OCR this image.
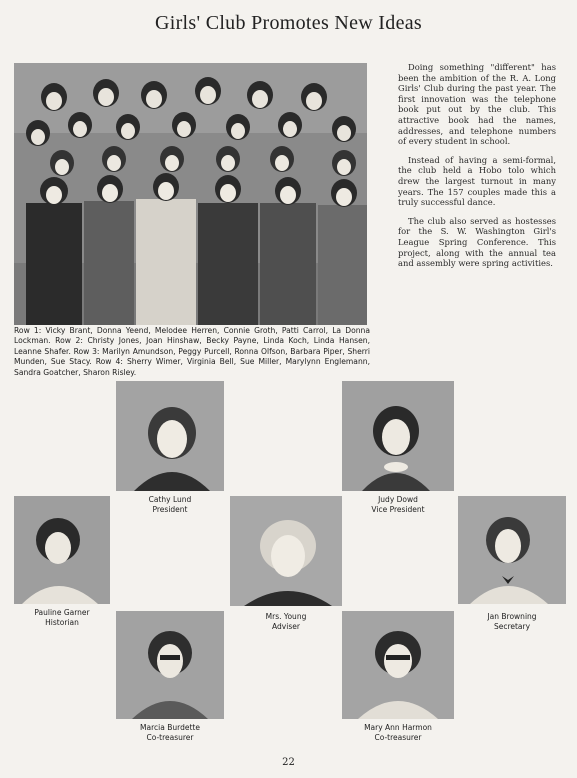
Girls' Club Promotes New Ideas
Row 1: Vicky Brant, Donna Yeend, Melodee Herren, Connie Groth, Patti Carrol, La Donna Lockman. Row 2: Christy Jones, Joan Hinshaw, Becky Payne, Linda Koch, Linda Hansen, Leanne Shafer. Row 3: Marilyn Amundson, Peggy Purcell, Ronna Olfson, Barbara Piper, Sherri Munden, Sue Stacy. Row 4: Sherry Wimer, Virginia Bell, Sue Miller, Marylynn Englemann, Sandra Goatcher, Sharon Risley.

Doing something "different" has been the ambition of the R. A. Long Girls' Club during the past year. The first innovation was the telephone book put out by the club. This attractive book had the names, addresses, and telephone numbers of every student in school.

Instead of having a semi-formal, the club held a Hobo tolo which drew the largest turnout in many years. The 157 couples made this a truly successful dance.

The club also served as hostesses for the S. W. Washington Girl's League Spring Conference. This project, along with the annual tea and assembly were spring activities.

Cathy Lund
President
Judy Dowd
Vice President
Pauline Garner
Historian
Mrs. Young
Adviser
Jan Browning
Secretary
Marcia Burdette
Co-treasurer
Mary Ann Harmon
Co-treasurer
22
